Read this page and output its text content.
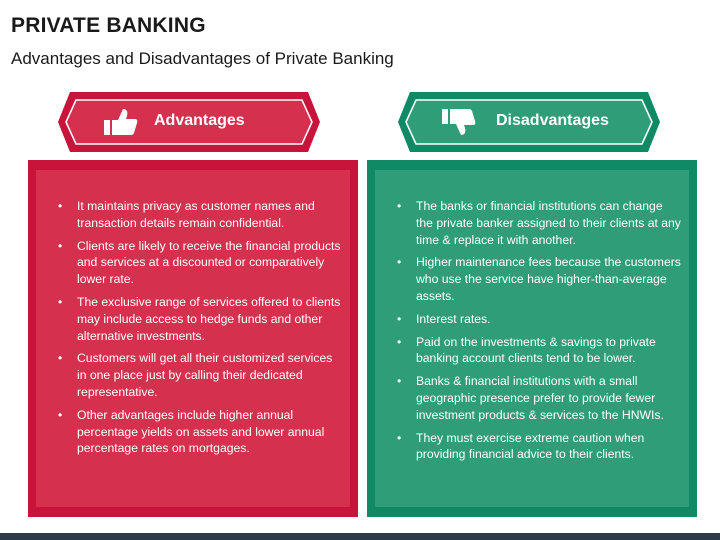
PRIVATE BANKING
Advantages and Disadvantages of Private Banking
Advantages	Disadvantages
• It maintains privacy as customer names and transaction details remain confidential.
• Clients are likely to receive the financial products and services at a discounted or comparatively lower rate.
• The exclusive range of services offered to clients may include access to hedge funds and other alternative investments.
• Customers will get all their customized services in one place just by calling their dedicated representative.
• Other advantages include higher annual percentage yields on assets and lower annual percentage rates on mortgages.
• The banks or financial institutions can change the private banker assigned to their clients at any time & replace it with another.
• Higher maintenance fees because the customers who use the service have higher-than-average assets.
• Interest rates.
• Paid on the investments & savings to private banking account clients tend to be lower.
• Banks & financial institutions with a small geographic presence prefer to provide fewer investment products & services to the HNWIs.
• They must exercise extreme caution when providing financial advice to their clients.
